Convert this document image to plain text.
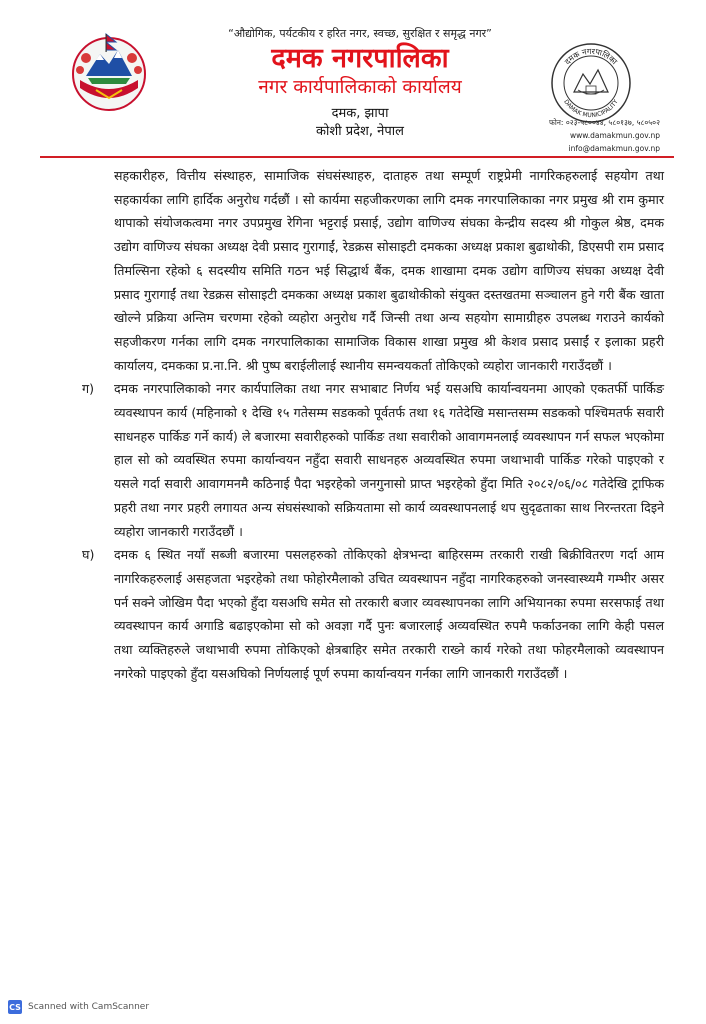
“औद्योगिक, पर्यटकीय र हरित नगर, स्वच्छ, सुरक्षित र समृद्ध नगर”
दमक नगरपालिका
नगर कार्यपालिकाको कार्यालय
दमक, झापा
कोशी प्रदेश, नेपाल
दमक नगरपालिका
DAMAK MUNICIPALITY
फोन: ०२३-५८००४४, ५८०१३७, ५८०५०२
www.damakmun.gov.np
info@damakmun.gov.np

सहकारीहरु, वित्तीय संस्थाहरु, सामाजिक संघसंस्थाहरु, दाताहरु तथा सम्पूर्ण राष्ट्रप्रेमी नागरिकहरुलाई सहयोग तथा सहकार्यका लागि हार्दिक अनुरोध गर्दछौं । सो कार्यमा सहजीकरणका लागि दमक नगरपालिकाका नगर प्रमुख श्री राम कुमार थापाको संयोजकत्वमा नगर उपप्रमुख रेगिना भट्टराई प्रसाई, उद्योग वाणिज्य संघका केन्द्रीय सदस्य श्री गोकुल श्रेष्ठ, दमक उद्योग वाणिज्य संघका अध्यक्ष देवी प्रसाद गुरागाईं, रेडक्रस सोसाइटी दमकका अध्यक्ष प्रकाश बुढाथोकी, डिएसपी राम प्रसाद तिमल्सिना रहेको ६ सदस्यीय समिति गठन भई सिद्धार्थ बैंक, दमक शाखामा दमक उद्योग वाणिज्य संघका अध्यक्ष देवी प्रसाद गुरागाईं तथा रेडक्रस सोसाइटी दमकका अध्यक्ष प्रकाश बुढाथोकीको संयुक्त दस्तखतमा सञ्चालन हुने गरी बैंक खाता खोल्ने प्रक्रिया अन्तिम चरणमा रहेको व्यहोरा अनुरोध गर्दै जिन्सी तथा अन्य सहयोग सामाग्रीहरु उपलब्ध गराउने कार्यको सहजीकरण गर्नका लागि दमक नगरपालिकाका सामाजिक विकास शाखा प्रमुख श्री केशव प्रसाद प्रसाईं र इलाका प्रहरी कार्यालय, दमकका प्र.ना.नि. श्री पुष्प बराईलीलाई स्थानीय समन्वयकर्ता तोकिएको व्यहोरा जानकारी गराउँदछौं ।

ग)	दमक नगरपालिकाको नगर कार्यपालिका तथा नगर सभाबाट निर्णय भई यसअघि कार्यान्वयनमा आएको एकतर्फी पार्किङ व्यवस्थापन कार्य (महिनाको १ देखि १५ गतेसम्म सडकको पूर्वतर्फ तथा १६ गतेदेखि मसान्तसम्म सडकको पश्चिमतर्फ सवारी साधनहरु पार्किङ गर्ने कार्य) ले बजारमा सवारीहरुको पार्किङ तथा सवारीको आवागमनलाई व्यवस्थापन गर्न सफल भएकोमा हाल सो को व्यवस्थित रुपमा कार्यान्वयन नहुँदा सवारी साधनहरु अव्यवस्थित रुपमा जथाभावी पार्किङ गरेको पाइएको र यसले गर्दा सवारी आवागमनमै कठिनाई पैदा भइरहेको जनगुनासो प्राप्त भइरहेको हुँदा मिति २०८२/०६/०८ गतेदेखि ट्राफिक प्रहरी तथा नगर प्रहरी लगायत अन्य संघसंस्थाको सक्रियतामा सो कार्य व्यवस्थापनलाई थप सुदृढताका साथ निरन्तरता दिइने व्यहोरा जानकारी गराउँदछौं ।

घ)	दमक ६ स्थित नयाँ सब्जी बजारमा पसलहरुको तोकिएको क्षेत्रभन्दा बाहिरसम्म तरकारी राखी बिक्रीवितरण गर्दा आम नागरिकहरुलाई असहजता भइरहेको तथा फोहोरमैलाको उचित व्यवस्थापन नहुँदा नागरिकहरुको जनस्वास्थ्यमै गम्भीर असर पर्न सक्ने जोखिम पैदा भएको हुँदा यसअघि समेत सो तरकारी बजार व्यवस्थापनका लागि अभियानका रुपमा सरसफाई तथा व्यवस्थापन कार्य अगाडि बढाइएकोमा सो को अवज्ञा गर्दै पुनः बजारलाई अव्यवस्थित रुपमै फर्काउनका लागि केही पसल तथा व्यक्तिहरुले जथाभावी रुपमा तोकिएको क्षेत्रबाहिर समेत तरकारी राख्ने कार्य गरेको तथा फोहरमैलाको व्यवस्थापन नगरेको पाइएको हुँदा यसअघिको निर्णयलाई पूर्ण रुपमा कार्यान्वयन गर्नका लागि जानकारी गराउँदछौं ।

CS Scanned with CamScanner
